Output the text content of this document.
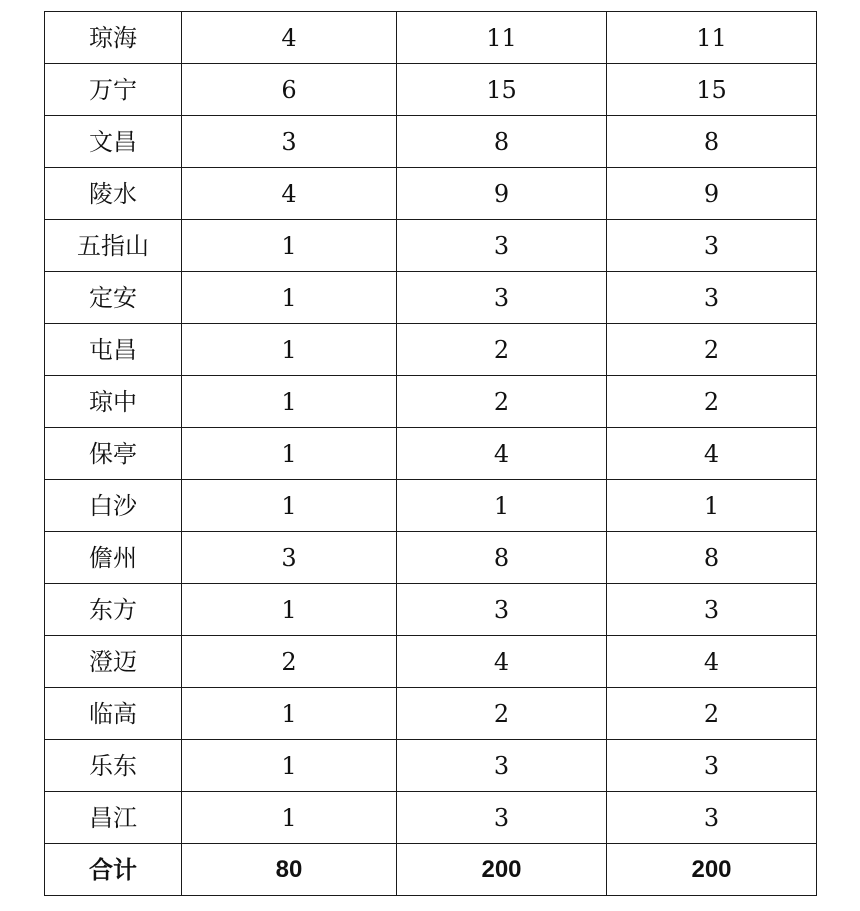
琼海	4	11	11
万宁	6	15	15
文昌	3	8	8
陵水	4	9	9
五指山	1	3	3
定安	1	3	3
屯昌	1	2	2
琼中	1	2	2
保亭	1	4	4
白沙	1	1	1
儋州	3	8	8
东方	1	3	3
澄迈	2	4	4
临高	1	2	2
乐东	1	3	3
昌江	1	3	3
合计	80	200	200
